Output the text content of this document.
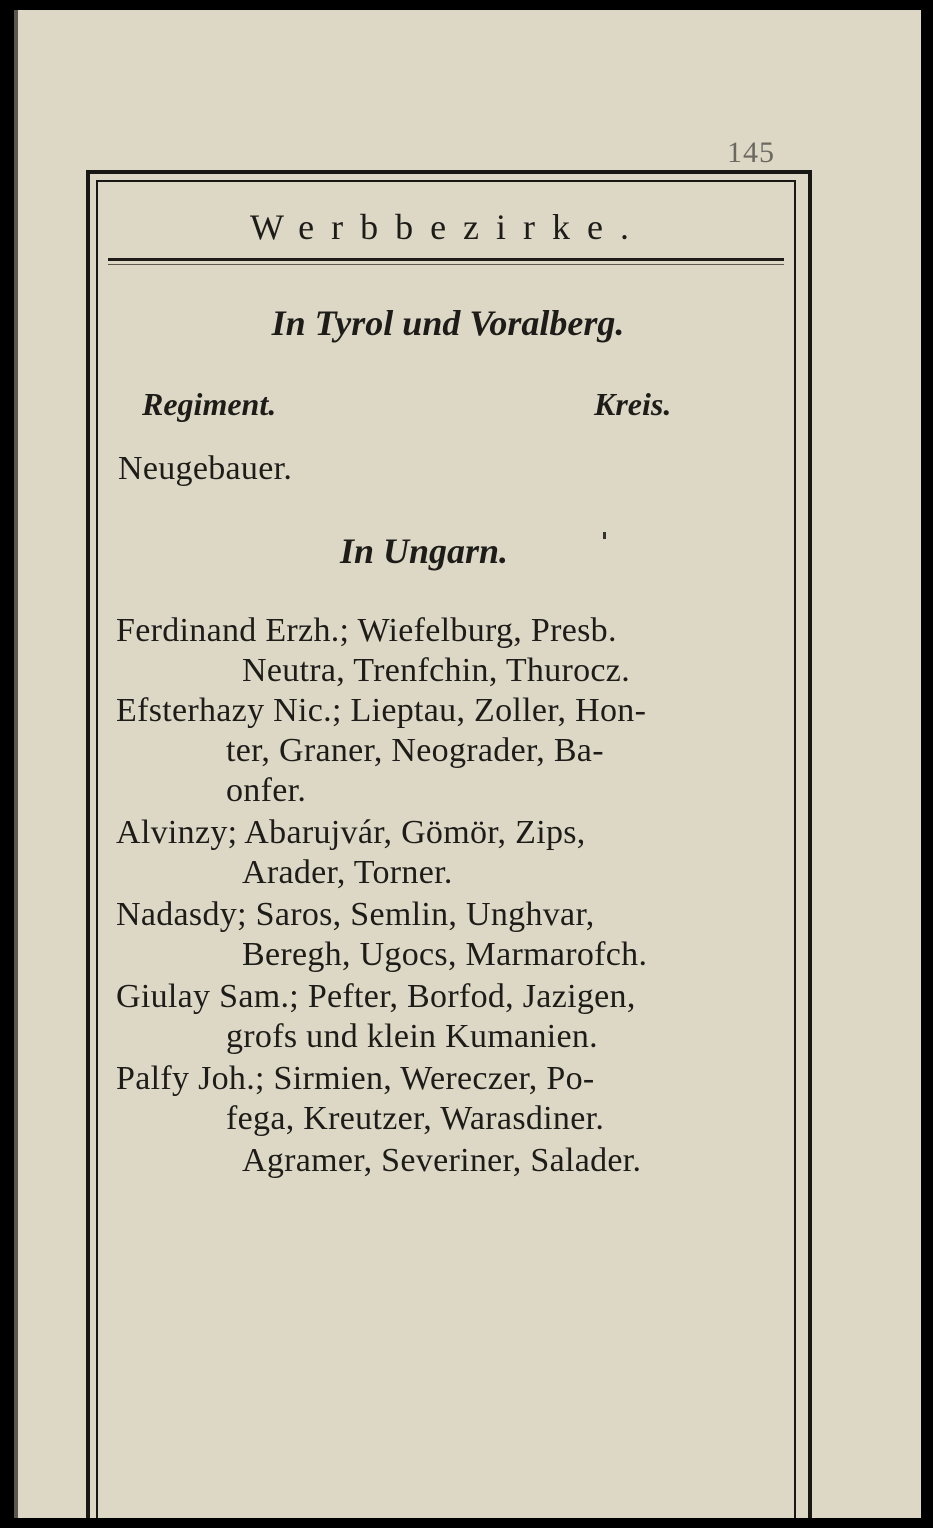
145
Werbbezirke.
In Tyrol und Voralberg.
Regiment.	Kreis.
Neugebauer.
In Ungarn.
Ferdinand Erzh.; Wiefelburg, Presb.
Neutra, Trenfchin, Thurocz.
Efsterhazy Nic.; Lieptau, Zoller, Hon-
ter, Graner, Neograder, Ba-
onfer.
Alvinzy; Abarujvár, Gömör, Zips,
Arader, Torner.
Nadasdy; Saros, Semlin, Unghvar,
Beregh, Ugocs, Marmarofch.
Giulay Sam.; Pefter, Borfod, Jazigen,
grofs und klein Kumanien.
Palfy Joh.; Sirmien, Wereczer, Po-
fega, Kreutzer, Warasdiner.
Agramer, Severiner, Salader.
